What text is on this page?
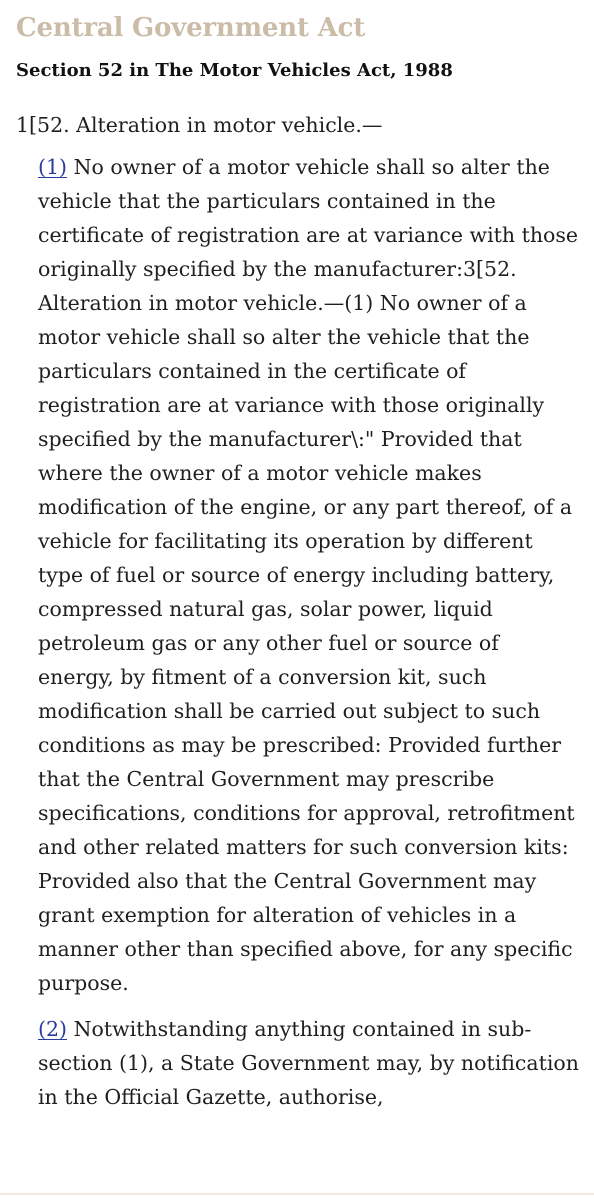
Central Government Act
Section 52 in The Motor Vehicles Act, 1988
1[52. Alteration in motor vehicle.—

(1) No owner of a motor vehicle shall so alter the vehicle that the particulars contained in the certificate of registration are at variance with those originally specified by the manufacturer:3[52. Alteration in motor vehicle.—(1) No owner of a motor vehicle shall so alter the vehicle that the particulars contained in the certificate of registration are at variance with those originally specified by the manufacturer\:" Provided that where the owner of a motor vehicle makes modification of the engine, or any part thereof, of a vehicle for facilitating its operation by different type of fuel or source of energy including battery, compressed natural gas, solar power, liquid petroleum gas or any other fuel or source of energy, by fitment of a conversion kit, such modification shall be carried out subject to such conditions as may be prescribed: Provided further that the Central Government may prescribe specifications, conditions for approval, retrofitment and other related matters for such conversion kits: Provided also that the Central Government may grant exemption for alteration of vehicles in a manner other than specified above, for any specific purpose.

(2) Notwithstanding anything contained in sub-section (1), a State Government may, by notification in the Official Gazette, authorise,
